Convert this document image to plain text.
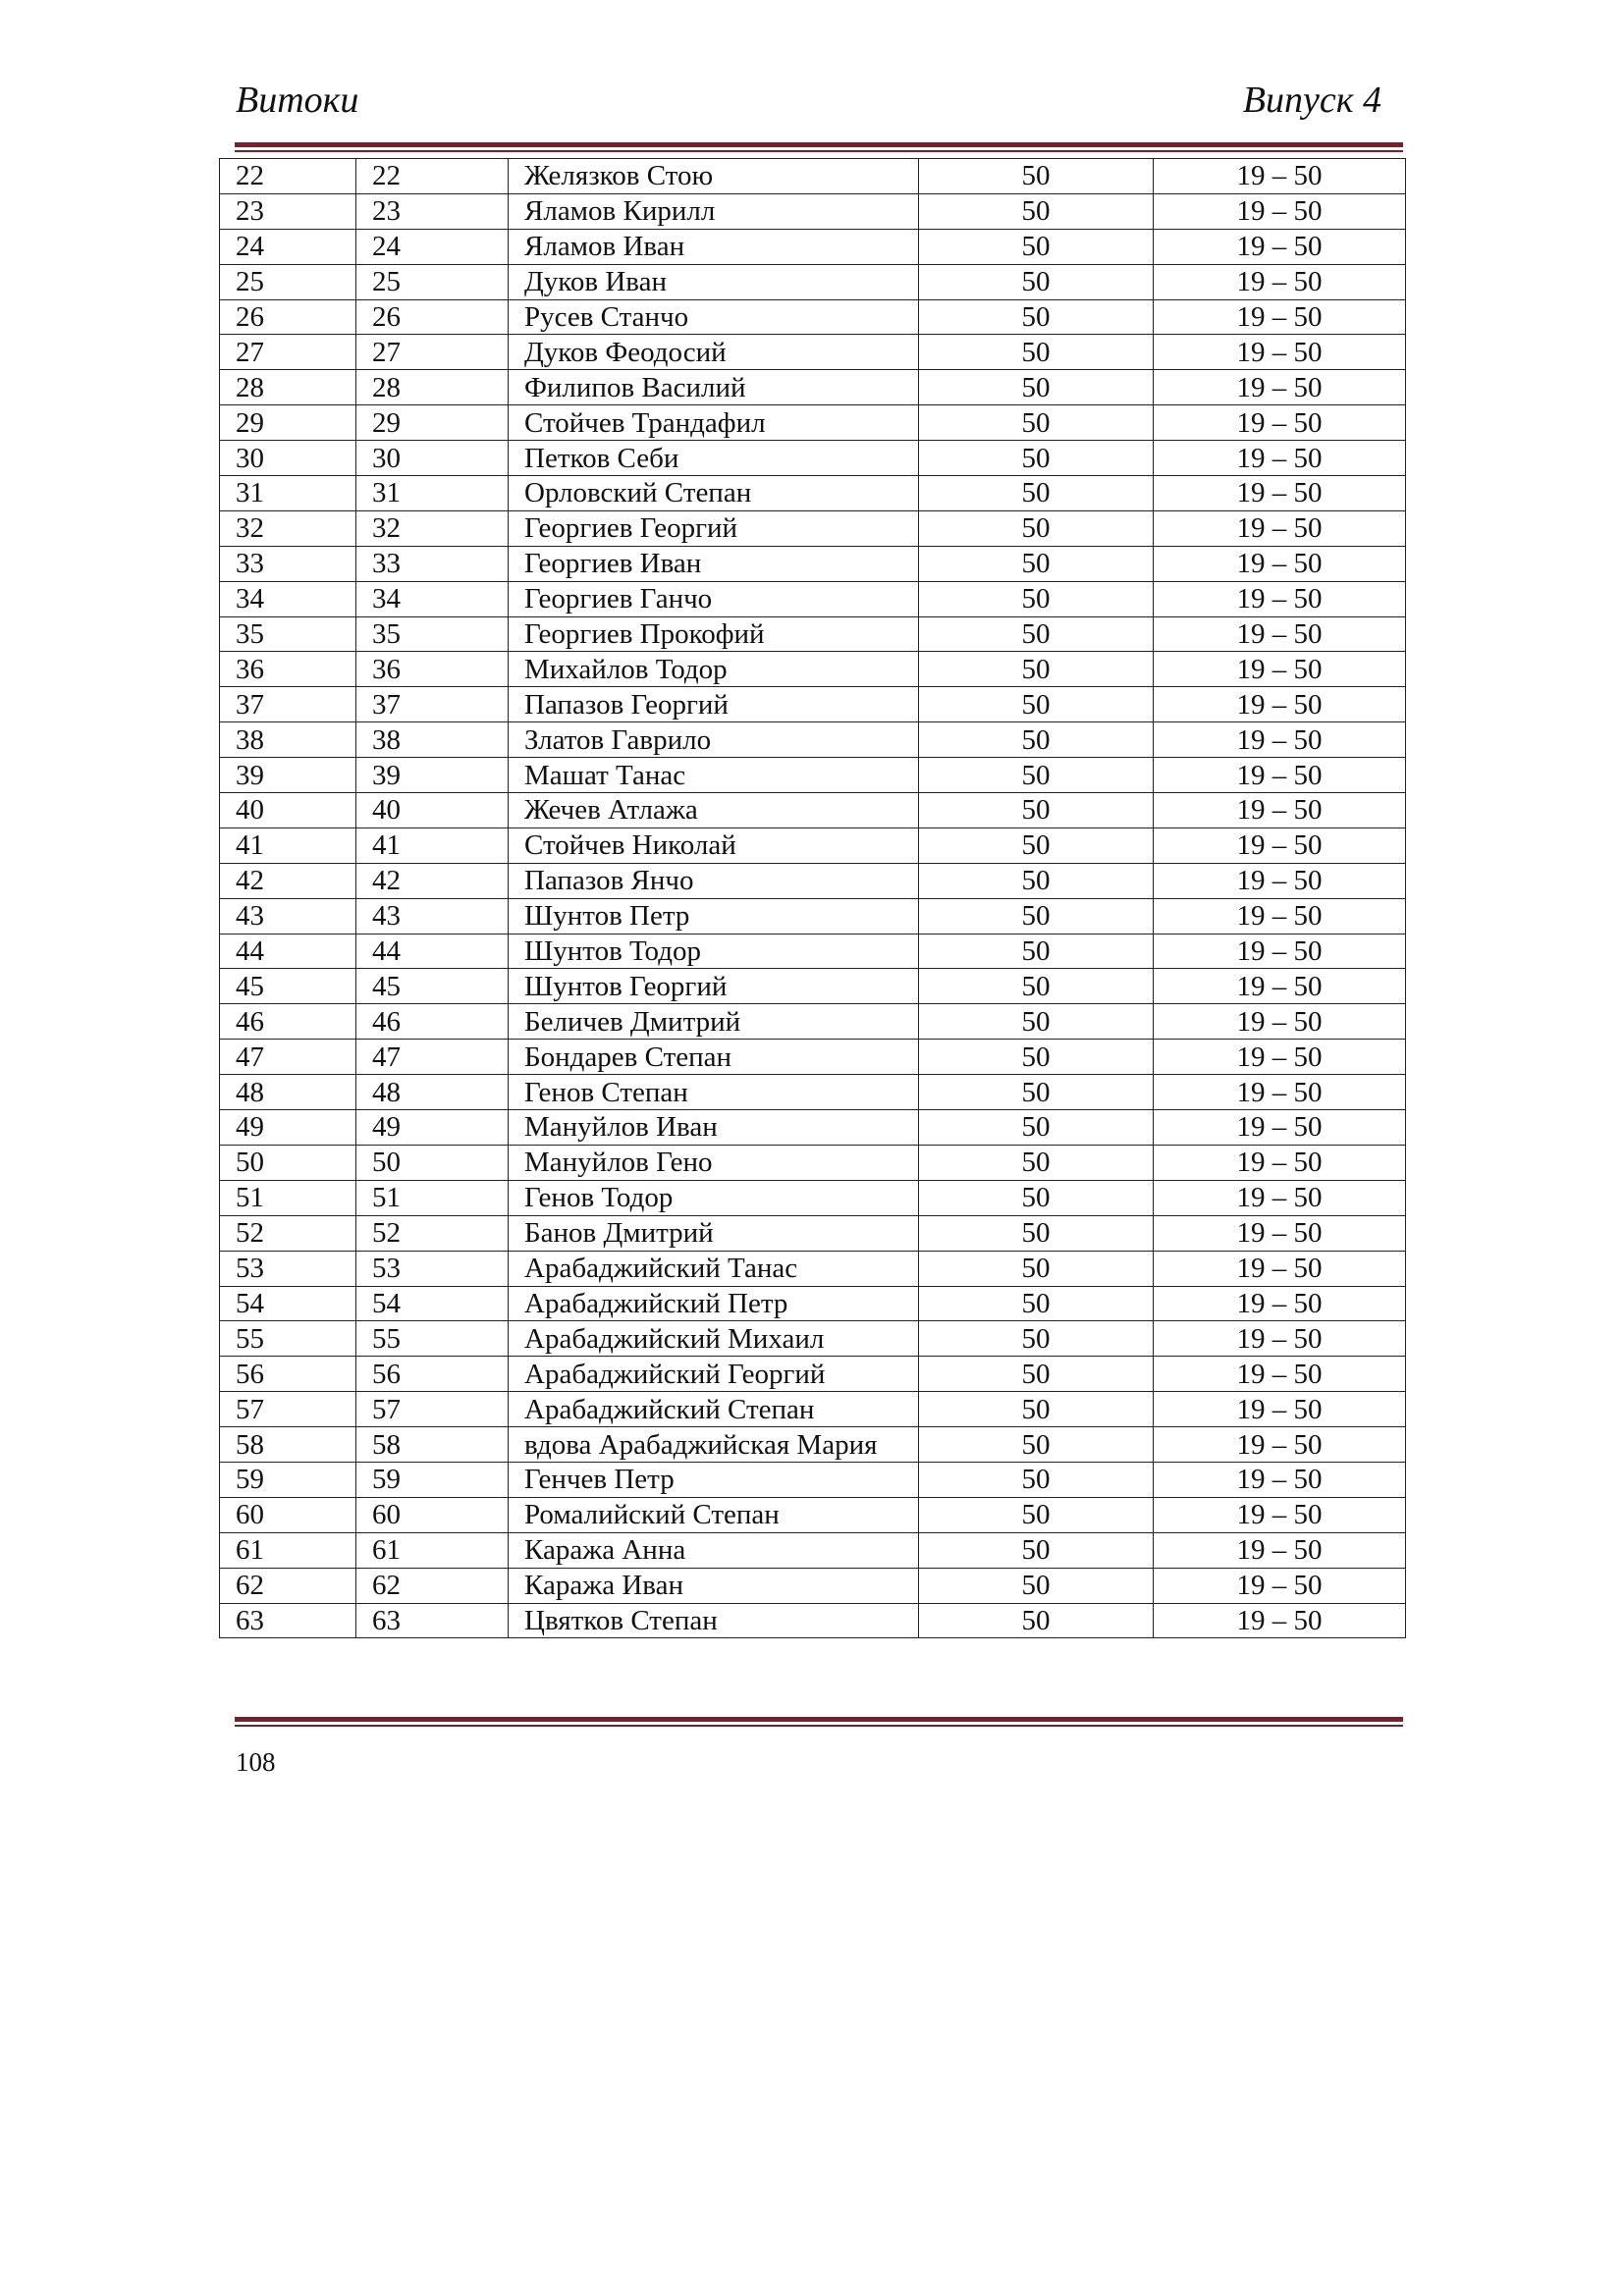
Витоки	Випуск 4
22	22	Желязков Стою	50	19 – 50
23	23	Яламов Кирилл	50	19 – 50
24	24	Яламов Иван	50	19 – 50
25	25	Дуков Иван	50	19 – 50
26	26	Русев Станчо	50	19 – 50
27	27	Дуков Феодосий	50	19 – 50
28	28	Филипов Василий	50	19 – 50
29	29	Стойчев Трандафил	50	19 – 50
30	30	Петков Себи	50	19 – 50
31	31	Орловский Степан	50	19 – 50
32	32	Георгиев Георгий	50	19 – 50
33	33	Георгиев Иван	50	19 – 50
34	34	Георгиев Ганчо	50	19 – 50
35	35	Георгиев Прокофий	50	19 – 50
36	36	Михайлов Тодор	50	19 – 50
37	37	Папазов Георгий	50	19 – 50
38	38	Златов Гаврило	50	19 – 50
39	39	Машат Танас	50	19 – 50
40	40	Жечев Атлажа	50	19 – 50
41	41	Стойчев Николай	50	19 – 50
42	42	Папазов Янчо	50	19 – 50
43	43	Шунтов Петр	50	19 – 50
44	44	Шунтов Тодор	50	19 – 50
45	45	Шунтов Георгий	50	19 – 50
46	46	Беличев Дмитрий	50	19 – 50
47	47	Бондарев Степан	50	19 – 50
48	48	Генов Степан	50	19 – 50
49	49	Мануйлов Иван	50	19 – 50
50	50	Мануйлов Гено	50	19 – 50
51	51	Генов Тодор	50	19 – 50
52	52	Банов Дмитрий	50	19 – 50
53	53	Арабаджийский Танас	50	19 – 50
54	54	Арабаджийский Петр	50	19 – 50
55	55	Арабаджийский Михаил	50	19 – 50
56	56	Арабаджийский Георгий	50	19 – 50
57	57	Арабаджийский Степан	50	19 – 50
58	58	вдова Арабаджийская Мария	50	19 – 50
59	59	Генчев Петр	50	19 – 50
60	60	Ромалийский Степан	50	19 – 50
61	61	Каража Анна	50	19 – 50
62	62	Каража Иван	50	19 – 50
63	63	Цвятков Степан	50	19 – 50
108
